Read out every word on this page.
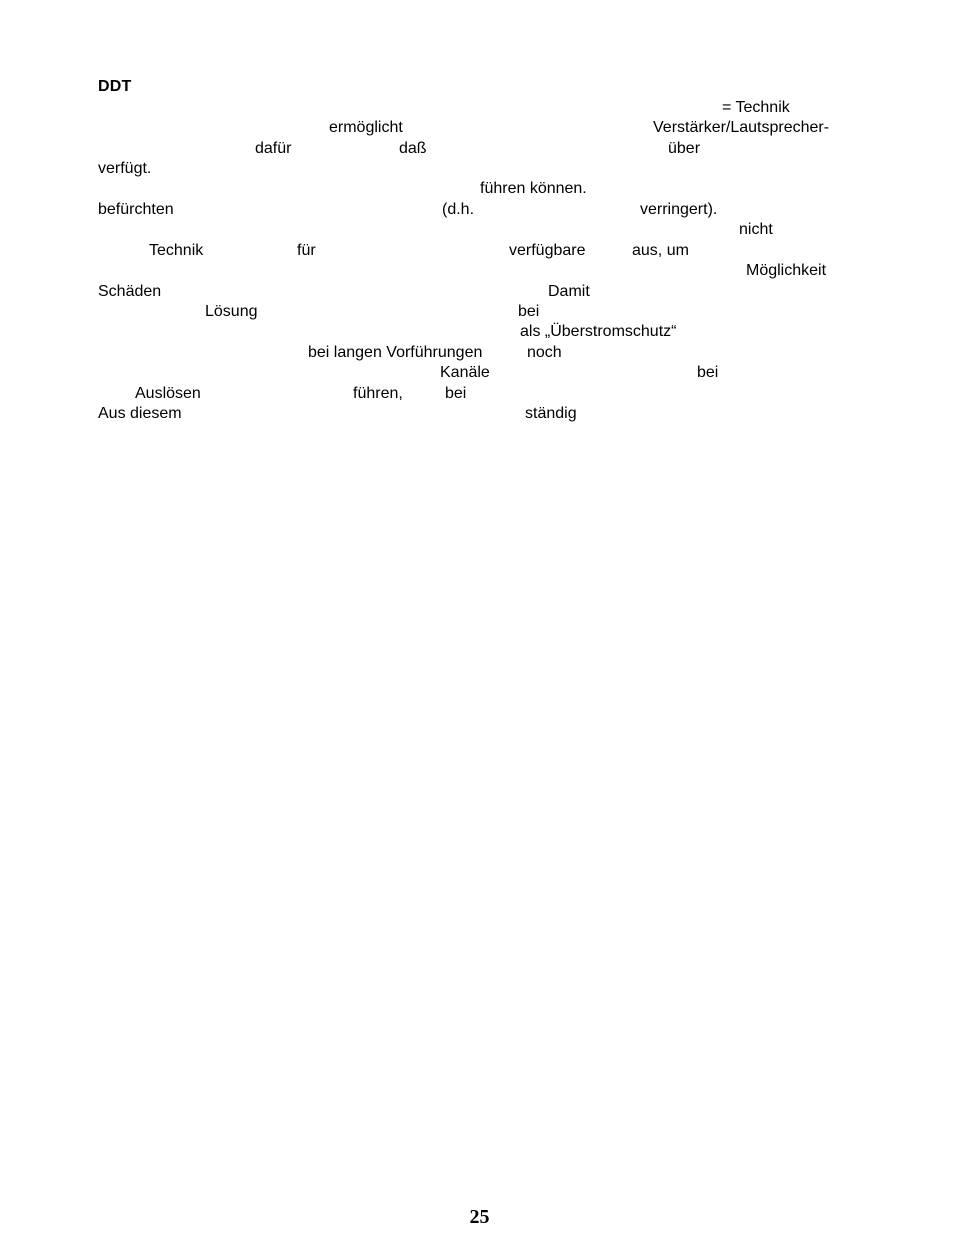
DDT
= Technik
ermöglicht	Verstärker/Lautsprecher-
dafür	daß	über
verfügt.
führen können.
befürchten	(d.h.	verringert).
nicht
Technik	für	verfügbare	aus, um
Möglichkeit
Schäden	Damit
Lösung	bei
als „Überstromschutz“
bei langen Vorführungen	noch
Kanäle	bei
Auslösen	führen,	bei
Aus diesem	ständig
25
